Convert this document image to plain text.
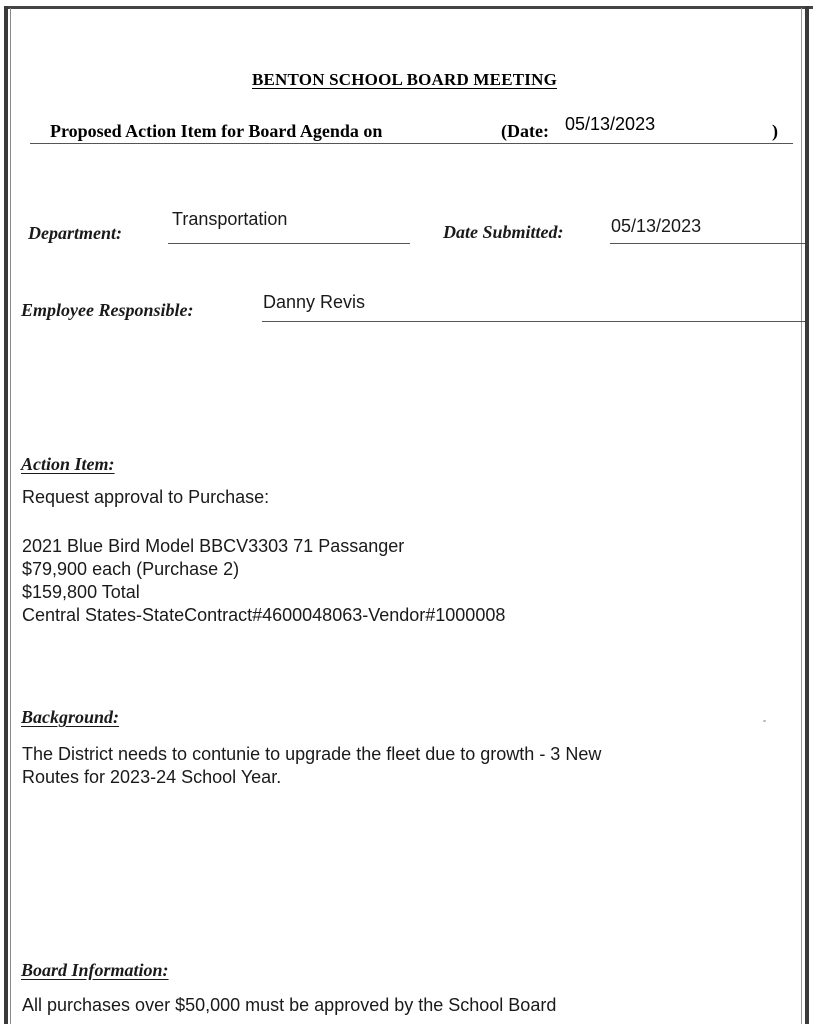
BENTON SCHOOL BOARD MEETING
Proposed Action Item for Board Agenda on	(Date: 05/13/2023	)
Department:
Transportation
Date Submitted:	05/13/2023
Employee Responsible:	Danny Revis
Action Item:
Request approval to Purchase:
2021 Blue Bird Model BBCV3303 71 Passanger
$79,900 each (Purchase 2)
$159,800 Total
Central States-StateContract#4600048063-Vendor#1000008
Background:
The District needs to contunie to upgrade the fleet due to growth - 3 New
Routes for 2023-24 School Year.
Board Information:
All purchases over $50,000 must be approved by the School Board
